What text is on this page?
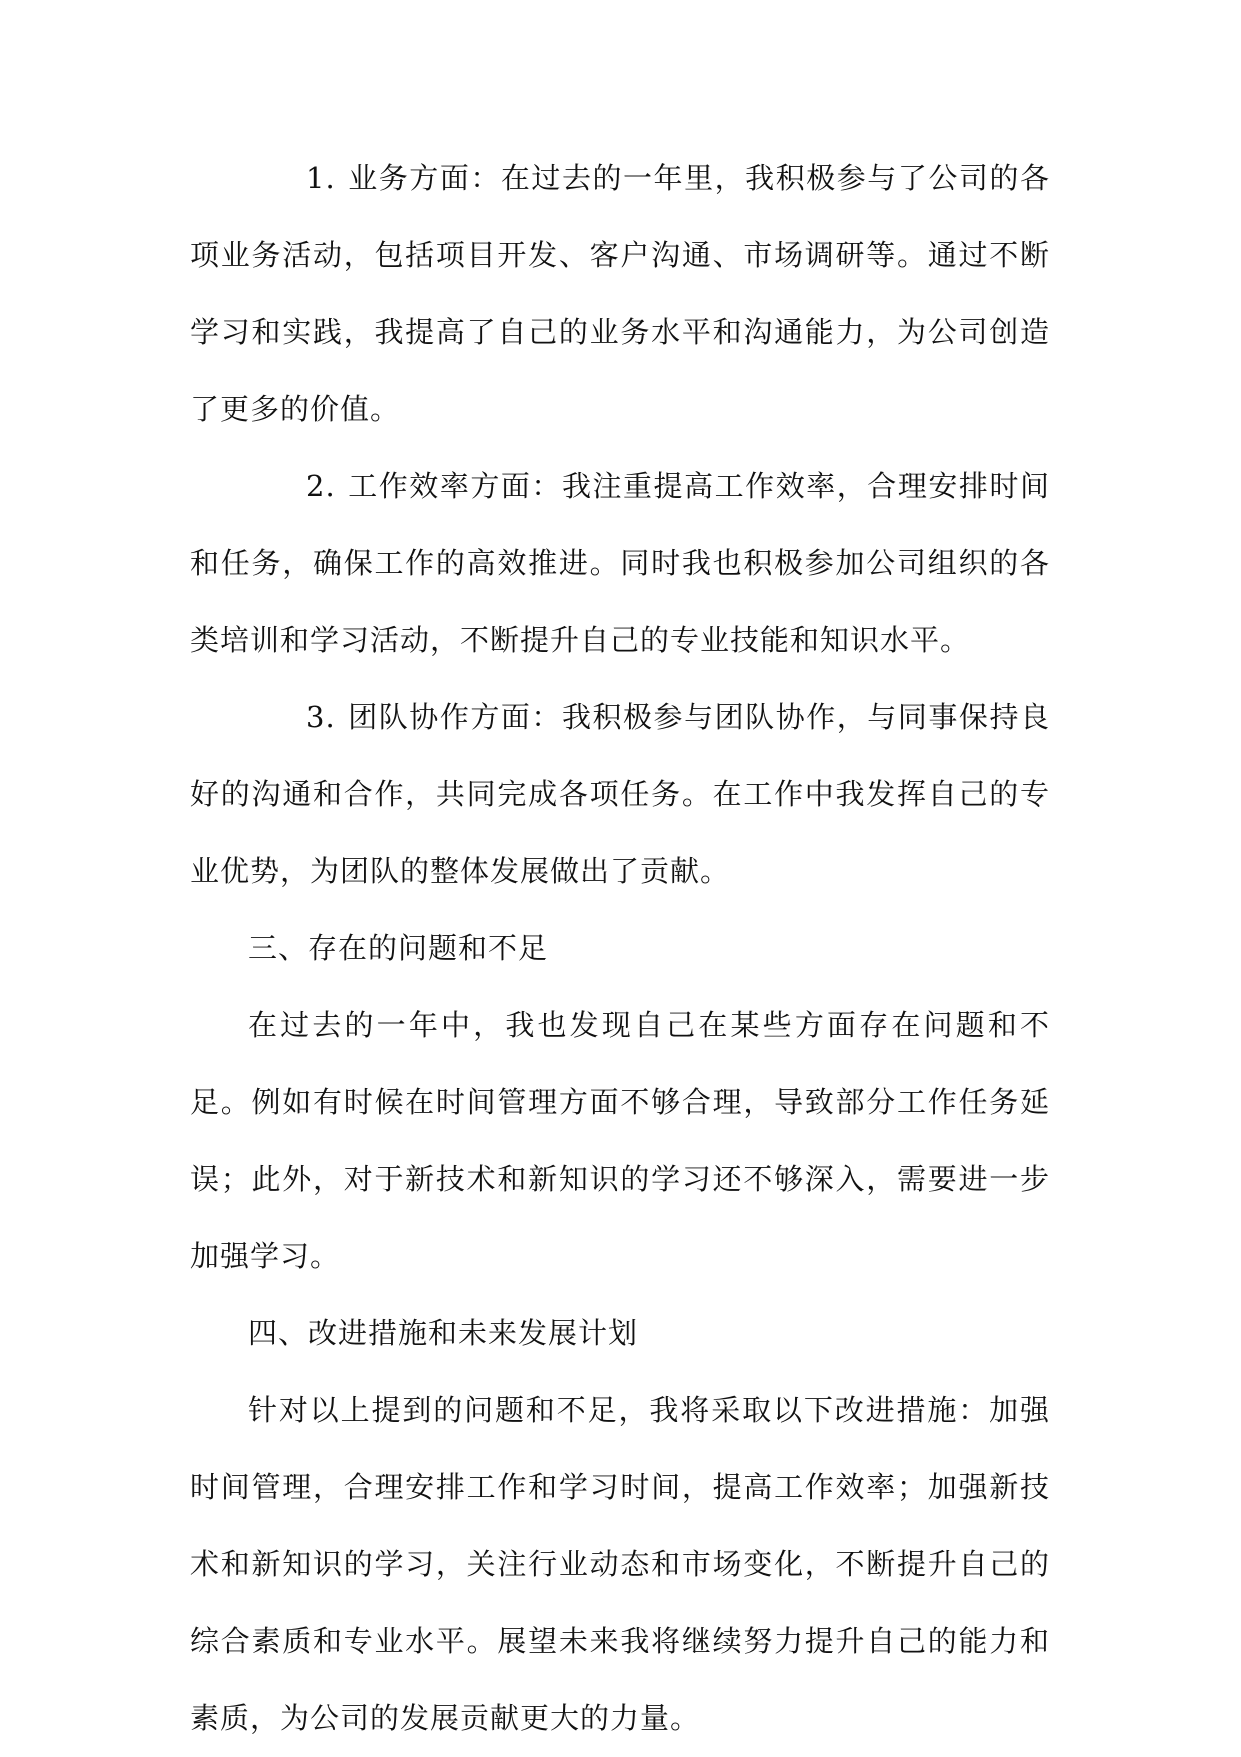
1. 业务方面：在过去的一年里，我积极参与了公司的各项业务活动，包括项目开发、客户沟通、市场调研等。通过不断学习和实践，我提高了自己的业务水平和沟通能力，为公司创造了更多的价值。

2. 工作效率方面：我注重提高工作效率，合理安排时间和任务，确保工作的高效推进。同时我也积极参加公司组织的各类培训和学习活动，不断提升自己的专业技能和知识水平。

3. 团队协作方面：我积极参与团队协作，与同事保持良好的沟通和合作，共同完成各项任务。在工作中我发挥自己的专业优势，为团队的整体发展做出了贡献。

三、存在的问题和不足

在过去的一年中，我也发现自己在某些方面存在问题和不足。例如有时候在时间管理方面不够合理，导致部分工作任务延误；此外，对于新技术和新知识的学习还不够深入，需要进一步加强学习。

四、改进措施和未来发展计划

针对以上提到的问题和不足，我将采取以下改进措施：加强时间管理，合理安排工作和学习时间，提高工作效率；加强新技术和新知识的学习，关注行业动态和市场变化，不断提升自己的综合素质和专业水平。展望未来我将继续努力提升自己的能力和素质，为公司的发展贡献更大的力量。
